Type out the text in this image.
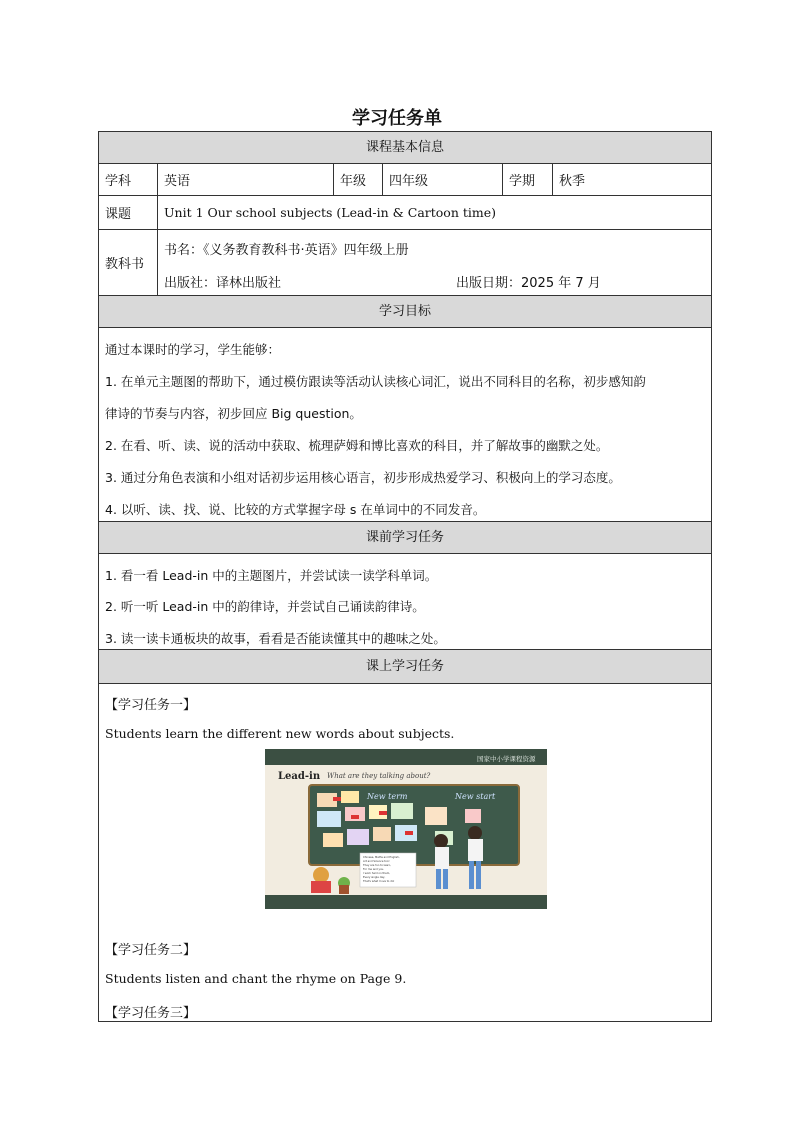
学习任务单
课程基本信息
学科	英语	年级	四年级	学期	秋季
课题	Unit 1 Our school subjects (Lead-in & Cartoon time)
教科书
书名：《义务教育教科书·英语》四年级上册
出版社：译林出版社	出版日期：2025 年 7 月
学习目标
通过本课时的学习，学生能够：
1. 在单元主题图的帮助下，通过模仿跟读等活动认读核心词汇，说出不同科目的名称，初步感知韵
律诗的节奏与内容，初步回应 Big question。
2. 在看、听、读、说的活动中获取、梳理萨姆和博比喜欢的科目，并了解故事的幽默之处。
3. 通过分角色表演和小组对话初步运用核心语言，初步形成热爱学习、积极向上的学习态度。
4. 以听、读、找、说、比较的方式掌握字母 s 在单词中的不同发音。
课前学习任务
1. 看一看 Lead-in 中的主题图片，并尝试读一读学科单词。
2. 听一听 Lead-in 中的韵律诗，并尝试自己诵读韵律诗。
3. 读一读卡通板块的故事，看看是否能读懂其中的趣味之处。
课上学习任务
【学习任务一】
Students learn the different new words about subjects.
国家中小学课程资源
Lead-in What are they talking about?
New term	New start
Chinese, Maths and English,
Art and Science too!
They are fun to learn,
For me and you.
I work hard on them,
Every single day,
That's what I love to do!
【学习任务二】
Students listen and chant the rhyme on Page 9.
【学习任务三】
